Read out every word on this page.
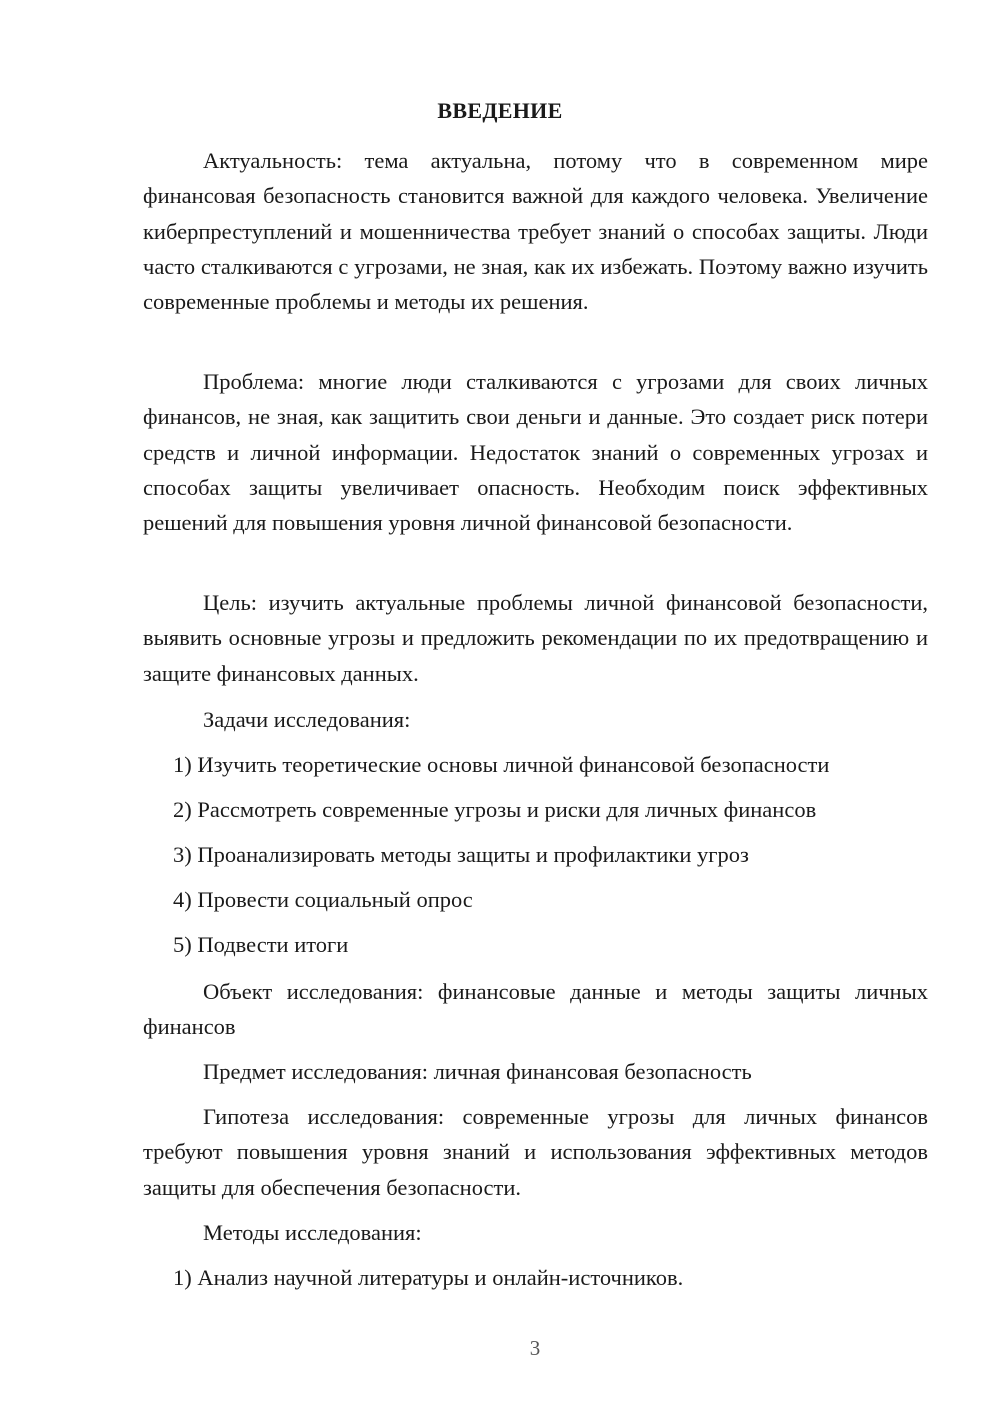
ВВЕДЕНИЕ

Актуальность: тема актуальна, потому что в современном мире финансовая безопасность становится важной для каждого человека. Увеличение киберпреступлений и мошенничества требует знаний о способах защиты. Люди часто сталкиваются с угрозами, не зная, как их избежать. Поэтому важно изучить современные проблемы и методы их решения.

Проблема: многие люди сталкиваются с угрозами для своих личных финансов, не зная, как защитить свои деньги и данные. Это создает риск потери средств и личной информации. Недостаток знаний о современных угрозах и способах защиты увеличивает опасность. Необходим поиск эффективных решений для повышения уровня личной финансовой безопасности.

Цель: изучить актуальные проблемы личной финансовой безопасности, выявить основные угрозы и предложить рекомендации по их предотвращению и защите финансовых данных.

Задачи исследования:
1) Изучить теоретические основы личной финансовой безопасности
2) Рассмотреть современные угрозы и риски для личных финансов
3) Проанализировать методы защиты и профилактики угроз
4) Провести социальный опрос
5) Подвести итоги

Объект исследования: финансовые данные и методы защиты личных финансов

Предмет исследования: личная финансовая безопасность

Гипотеза исследования: современные угрозы для личных финансов требуют повышения уровня знаний и использования эффективных методов защиты для обеспечения безопасности.

Методы исследования:
1) Анализ научной литературы и онлайн-источников.
3
